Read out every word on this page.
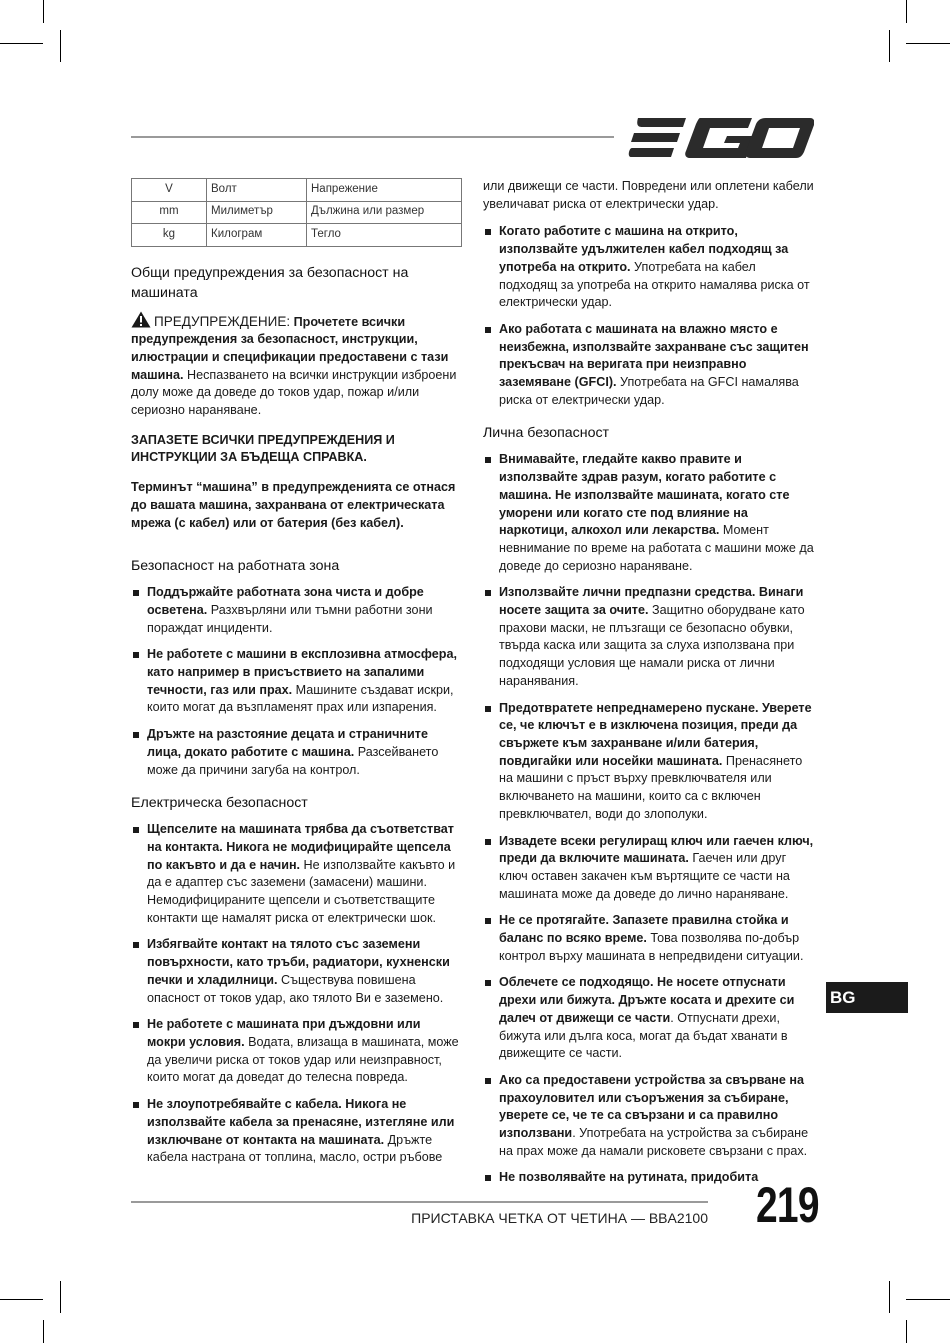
V	Волт	Напрежение
mm	Милиметър	Дължина или размер
kg	Килограм	Тегло
Общи предупреждения за безопасност на машината

ПРЕДУПРЕЖДЕНИЕ: Прочетете всички предупреждения за безопасност, инструкции, илюстрации и спецификации предоставени с тази машина. Неспазването на всички инструкции изброени долу може да доведе до токов удар, пожар и/или сериозно нараняване.

ЗАПАЗЕТЕ ВСИЧКИ ПРЕДУПРЕЖДЕНИЯ И ИНСТРУКЦИИ ЗА БЪДЕЩА СПРАВКА.

Терминът “машина” в предупрежденията се отнася до вашата машина, захранвана от електрическата мрежа (с кабел) или от батерия (без кабел).

Безопасност на работната зона
Поддържайте работната зона чиста и добре осветена. Разхвърляни или тъмни работни зони пораждат инциденти.
Не работете с машини в експлозивна атмосфера, като например в присъствието на запалими течности, газ или прах. Машините създават искри, които могат да възпламенят прах или изпарения.
Дръжте на разстояние децата и страничните лица, докато работите с машина. Разсейването може да причини загуба на контрол.
Електрическа безопасност
Щепселите на машината трябва да съответстват на контакта. Никога не модифицирайте щепсела по какъвто и да е начин. Не използвайте какъвто и да е адаптер със заземени (замасени) машини. Немодифицираните щепсели и съответстващите контакти ще намалят риска от електрически шок.
Избягвайте контакт на тялото със заземени повърхности, като тръби, радиатори, кухненски печки и хладилници. Съществува повишена опасност от токов удар, ако тялото Ви е заземено.
Не работете с машината при дъждовни или мокри условия. Водата, влизаща в машината, може да увеличи риска от токов удар или неизправност, които могат да доведат до телесна повреда.
Не злоупотребявайте с кабела. Никога не използвайте кабела за пренасяне, изтегляне или изключване от контакта на машината. Дръжте кабела настрана от топлина, масло, остри ръбове

или движещи се части. Повредени или оплетени кабели увеличават риска от електрически удар.

Когато работите с машина на открито, използвайте удължителен кабел подходящ за употреба на открито. Употребата на кабел подходящ за употреба на открито намалява риска от електрически удар.
Ако работата с машината на влажно място е неизбежна, използвайте захранване със защитен прекъсвач на веригата при неизправно заземяване (GFCI). Употребата на GFCI намалява риска от електрически удар.
Лична безопасност
Внимавайте, гледайте какво правите и използвайте здрав разум, когато работите с машина. Не използвайте машината, когато сте уморени или когато сте под влияние на наркотици, алкохол или лекарства. Момент невнимание по време на работата с машини може да доведе до сериозно нараняване.
Използвайте лични предпазни средства. Винаги носете защита за очите. Защитно оборудване като прахови маски, не плъзгащи се безопасно обувки, твърда каска или защита за слуха използвана при подходящи условия ще намали риска от лични наранявания.
Предотвратете непреднамерено пускане. Уверете се, че ключът е в изключена позиция, преди да свържете към захранване и/или батерия, повдигайки или носейки машината. Пренасянето на машини с пръст върху превключвателя или включването на машини, които са с включен превключвател, води до злополуки.
Извадете всеки регулиращ ключ или гаечен ключ, преди да включите машината. Гаечен или друг ключ оставен закачен към въртящите се части на машината може да доведе до лично нараняване.
Не се протягайте. Запазете правилна стойка и баланс по всяко време. Това позволява по-добър контрол върху машината в непредвидени ситуации.
Облечете се подходящо. Не носете отпуснати дрехи или бижута. Дръжте косата и дрехите си далеч от движещи се части. Отпуснати дрехи, бижута или дълга коса, могат да бъдат хванати в движещите се части.
Ако са предоставени устройства за свърване на прахоуловител или съоръжения за събиране, уверете се, че те са свързани и са правилно използвани. Употребата на устройства за събиране на прах може да намали рисковете свързани с прах.
Не позволявайте на рутината, придобита
BG
ПРИСТАВКА ЧЕТКА ОТ ЧЕТИНА — BBA2100 219
